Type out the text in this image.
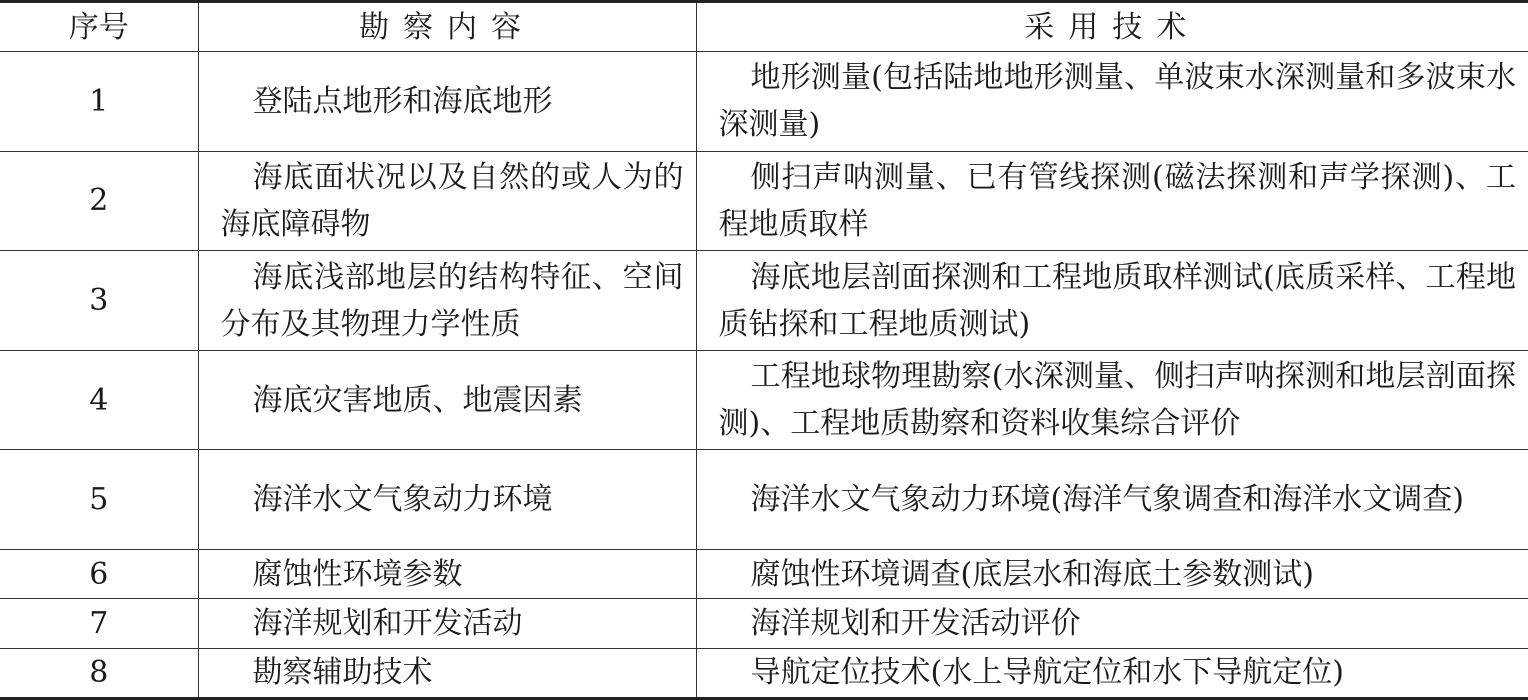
序号	勘察内容	采用技术
1	登陆点地形和海底地形	地形测量(包括陆地地形测量、单波束水深测量和多波束水深测量)
2	海底面状况以及自然的或人为的海底障碍物	侧扫声呐测量、已有管线探测(磁法探测和声学探测)、工程地质取样
3	海底浅部地层的结构特征、空间分布及其物理力学性质	海底地层剖面探测和工程地质取样测试(底质采样、工程地质钻探和工程地质测试)
4	海底灾害地质、地震因素	工程地球物理勘察(水深测量、侧扫声呐探测和地层剖面探测)、工程地质勘察和资料收集综合评价
5	海洋水文气象动力环境	海洋水文气象动力环境(海洋气象调查和海洋水文调查)
6	腐蚀性环境参数	腐蚀性环境调查(底层水和海底土参数测试)
7	海洋规划和开发活动	海洋规划和开发活动评价
8	勘察辅助技术	导航定位技术(水上导航定位和水下导航定位)
